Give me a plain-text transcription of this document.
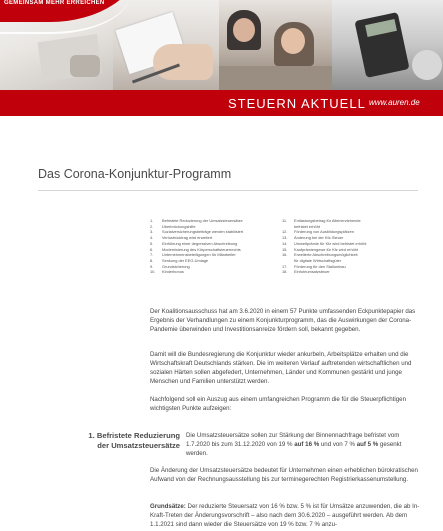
GEMEINSAM MEHR ERREICHEN
STEUERN AKTUELL www.auren.de
Das Corona-Konjunktur-Programm
1.	Befristete Reduzierung der Umsatzsteuersätze
2.	Überbrückungshilfe
3.	Sozialversicherungsbeiträge werden stabilisiert
4.	Verlustrücktrag wird erweitert
5.	Einführung einer degressiven Abschreibung
6.	Modernisierung des Körperschaftsteuerrechts
7.	Unternehmensbeteiligungen für Mitarbeiter
8.	Senkung der EEG-Umlage
9.	Grundsicherung
10.	Kinderbonus
11.	Entlastungsbetrag für Alleinerziehende
befristet erhöht
12.	Förderung von Ausbildungsplätzen
13.	Änderung bei der Kfz-Steuer
14.	Umweltprämie für Kfz wird befristet erhöht
15.	Kaufprämiengewe für Kfz wird erhöht
16.	Erweiterte Abschreibungsmöglichkeit
für digitale Wirtschaftsgüter
17.	Förderung für den Stallumbau
18.	Einfuhrumsatzsteuer

Der Koalitionsausschuss hat am 3.6.2020 in einem 57 Punkte umfassenden Eckpunktepapier das Ergebnis der Verhandlungen zu einem Konjunkturprogramm, das die Auswirkungen der Corona-Pandemie überwinden und Investitionsanreize fördern soll, bekannt gegeben.

Damit will die Bundesregierung die Konjunktur wieder ankurbeln, Arbeitsplätze erhalten und die Wirtschaftskraft Deutschlands stärken. Die im weiteren Verlauf auftretenden wirtschaftlichen und sozialen Härten sollen abgefedert, Unternehmen, Länder und Kommunen gestärkt und junge Menschen und Familien unterstützt werden.

Nachfolgend soll ein Auszug aus einem umfangreichen Programm die für die Steuerpflichtigen wichtigsten Punkte aufzeigen:

1. Befristete Reduzierung
der Umsatzsteuersätze

Die Umsatzsteuersätze sollen zur Stärkung der Binnennachfrage befristet vom 1.7.2020 bis zum 31.12.2020 von 19 % auf 16 % und von 7 % auf 5 % gesenkt werden.

Die Änderung der Umsatzsteuersätze bedeutet für Unternehmen einen erheblichen bürokratischen Aufwand von der Rechnungsausstellung bis zur terminegerechten Registrierkassenumstellung.

Grundsätze: Der reduzierte Steuersatz von 16 % bzw. 5 % ist für Umsätze anzuwenden, die ab In-Kraft-Treten der Änderungsvorschrift – also nach dem 30.6.2020 – ausgeführt werden. Ab dem 1.1.2021 sind dann wieder die Steuersätze von 19 % bzw. 7 % anzu-
